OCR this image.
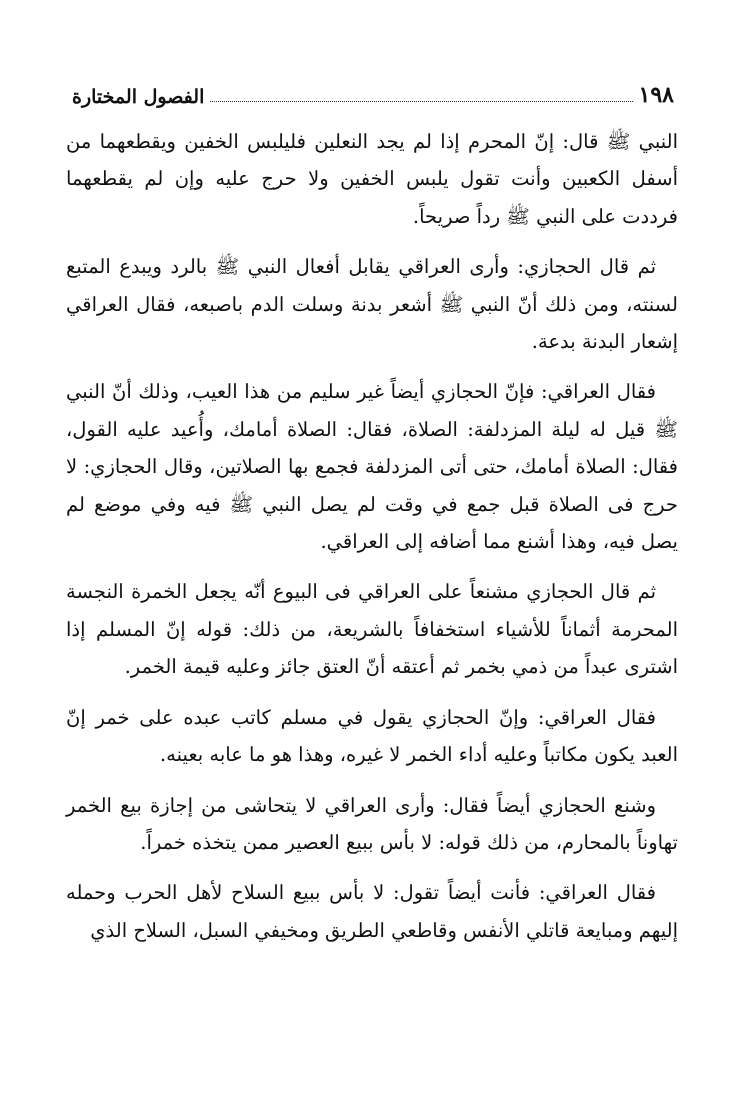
١٩٨
الفصول المختارة

النبي ﷺ قال: إنّ المحرم إذا لم يجد النعلين فليلبس الخفين ويقطعهما من أسفل الكعبين وأنت تقول يلبس الخفين ولا حرج عليه وإن لم يقطعهما فرددت على النبي ﷺ رداً صريحاً.

ثم قال الحجازي: وأرى العراقي يقابل أفعال النبي ﷺ بالرد ويبدع المتبع لسنته، ومن ذلك أنّ النبي ﷺ أشعر بدنة وسلت الدم باصبعه، فقال العراقي إشعار البدنة بدعة.

فقال العراقي: فإنّ الحجازي أيضاً غير سليم من هذا العيب، وذلك أنّ النبي ﷺ قيل له ليلة المزدلفة: الصلاة، فقال: الصلاة أمامك، وأُعيد عليه القول، فقال: الصلاة أمامك، حتى أتى المزدلفة فجمع بها الصلاتين، وقال الحجازي: لا حرج فى الصلاة قبل جمع في وقت لم يصل النبي ﷺ فيه وفي موضع لم يصل فيه، وهذا أشنع مما أضافه إلى العراقي.

ثم قال الحجازي مشنعاً على العراقي فى البيوع أنّه يجعل الخمرة النجسة المحرمة أثماناً للأشياء استخفافاً بالشريعة، من ذلك: قوله إنّ المسلم إذا اشترى عبداً من ذمي بخمر ثم أعتقه أنّ العتق جائز وعليه قيمة الخمر.

فقال العراقي: وإنّ الحجازي يقول في مسلم كاتب عبده على خمر إنّ العبد يكون مكاتباً وعليه أداء الخمر لا غيره، وهذا هو ما عابه بعينه.

وشنع الحجازي أيضاً فقال: وأرى العراقي لا يتحاشى من إجازة بيع الخمر تهاوناً بالمحارم، من ذلك قوله: لا بأس ببيع العصير ممن يتخذه خمراً.

فقال العراقي: فأنت أيضاً تقول: لا بأس ببيع السلاح لأهل الحرب وحمله إليهم ومبايعة قاتلي الأنفس وقاطعي الطريق ومخيفي السبل، السلاح الذي
